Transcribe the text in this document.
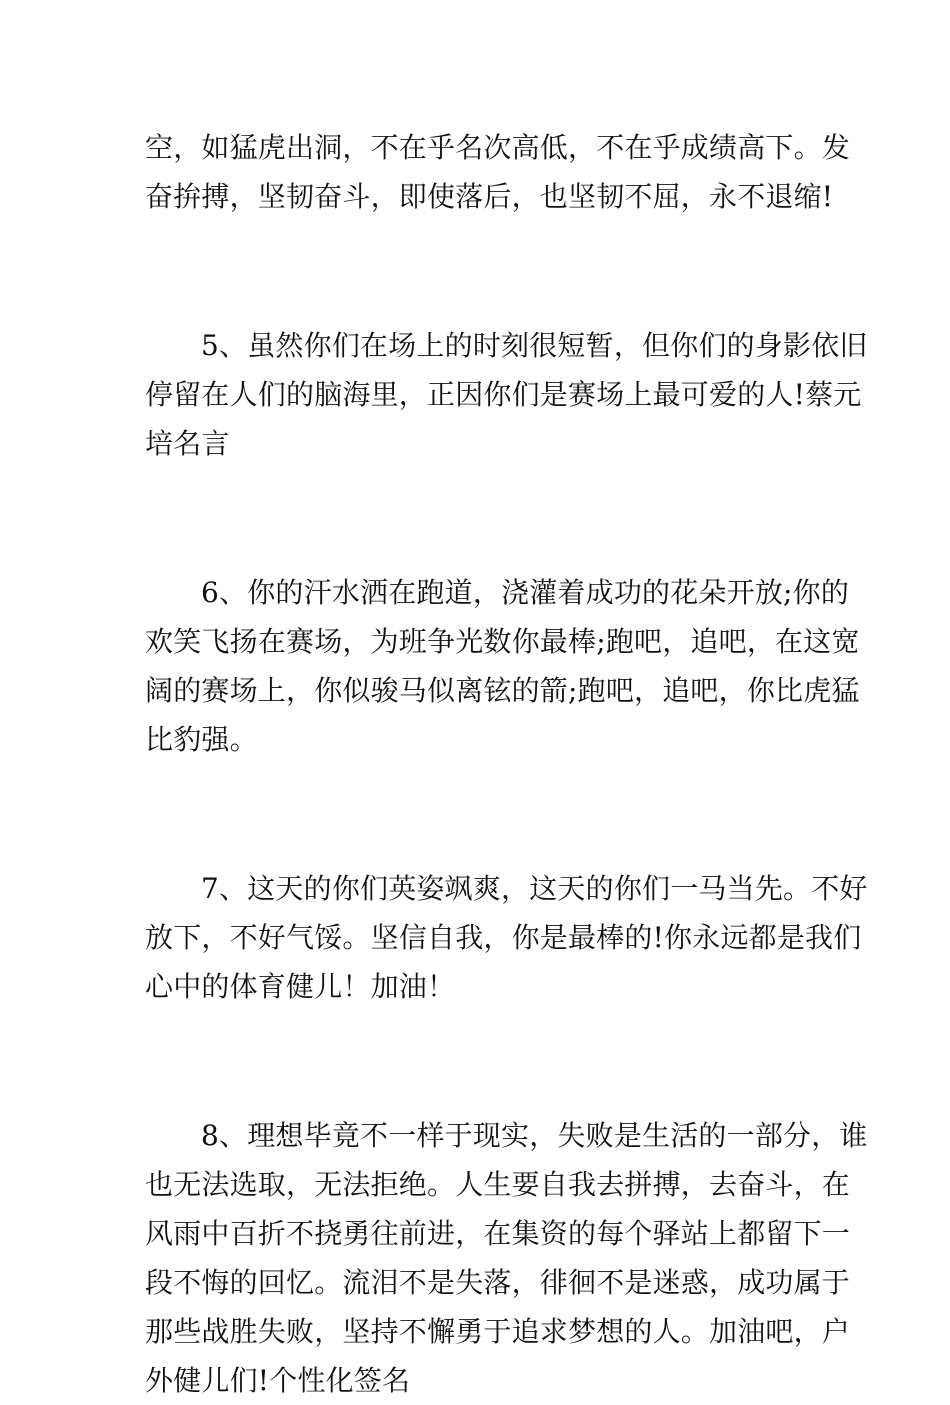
空，如猛虎出洞，不在乎名次高低，不在乎成绩高下。发
奋拚搏，坚韧奋斗，即使落后，也坚韧不屈，永不退缩!

5、虽然你们在场上的时刻很短暂，但你们的身影依旧
停留在人们的脑海里，正因你们是赛场上最可爱的人!蔡元
培名言

6、你的汗水洒在跑道，浇灌着成功的花朵开放;你的
欢笑飞扬在赛场，为班争光数你最棒;跑吧，追吧，在这宽
阔的赛场上，你似骏马似离铉的箭;跑吧，追吧，你比虎猛
比豹强。

7、这天的你们英姿飒爽，这天的你们一马当先。不好
放下，不好气馁。坚信自我，你是最棒的!你永远都是我们
心中的体育健儿！加油！

8、理想毕竟不一样于现实，失败是生活的一部分，谁
也无法选取，无法拒绝。人生要自我去拼搏，去奋斗，在
风雨中百折不挠勇往前进，在集资的每个驿站上都留下一
段不悔的回忆。流泪不是失落，徘徊不是迷惑，成功属于
那些战胜失败，坚持不懈勇于追求梦想的人。加油吧，户
外健儿们!个性化签名
